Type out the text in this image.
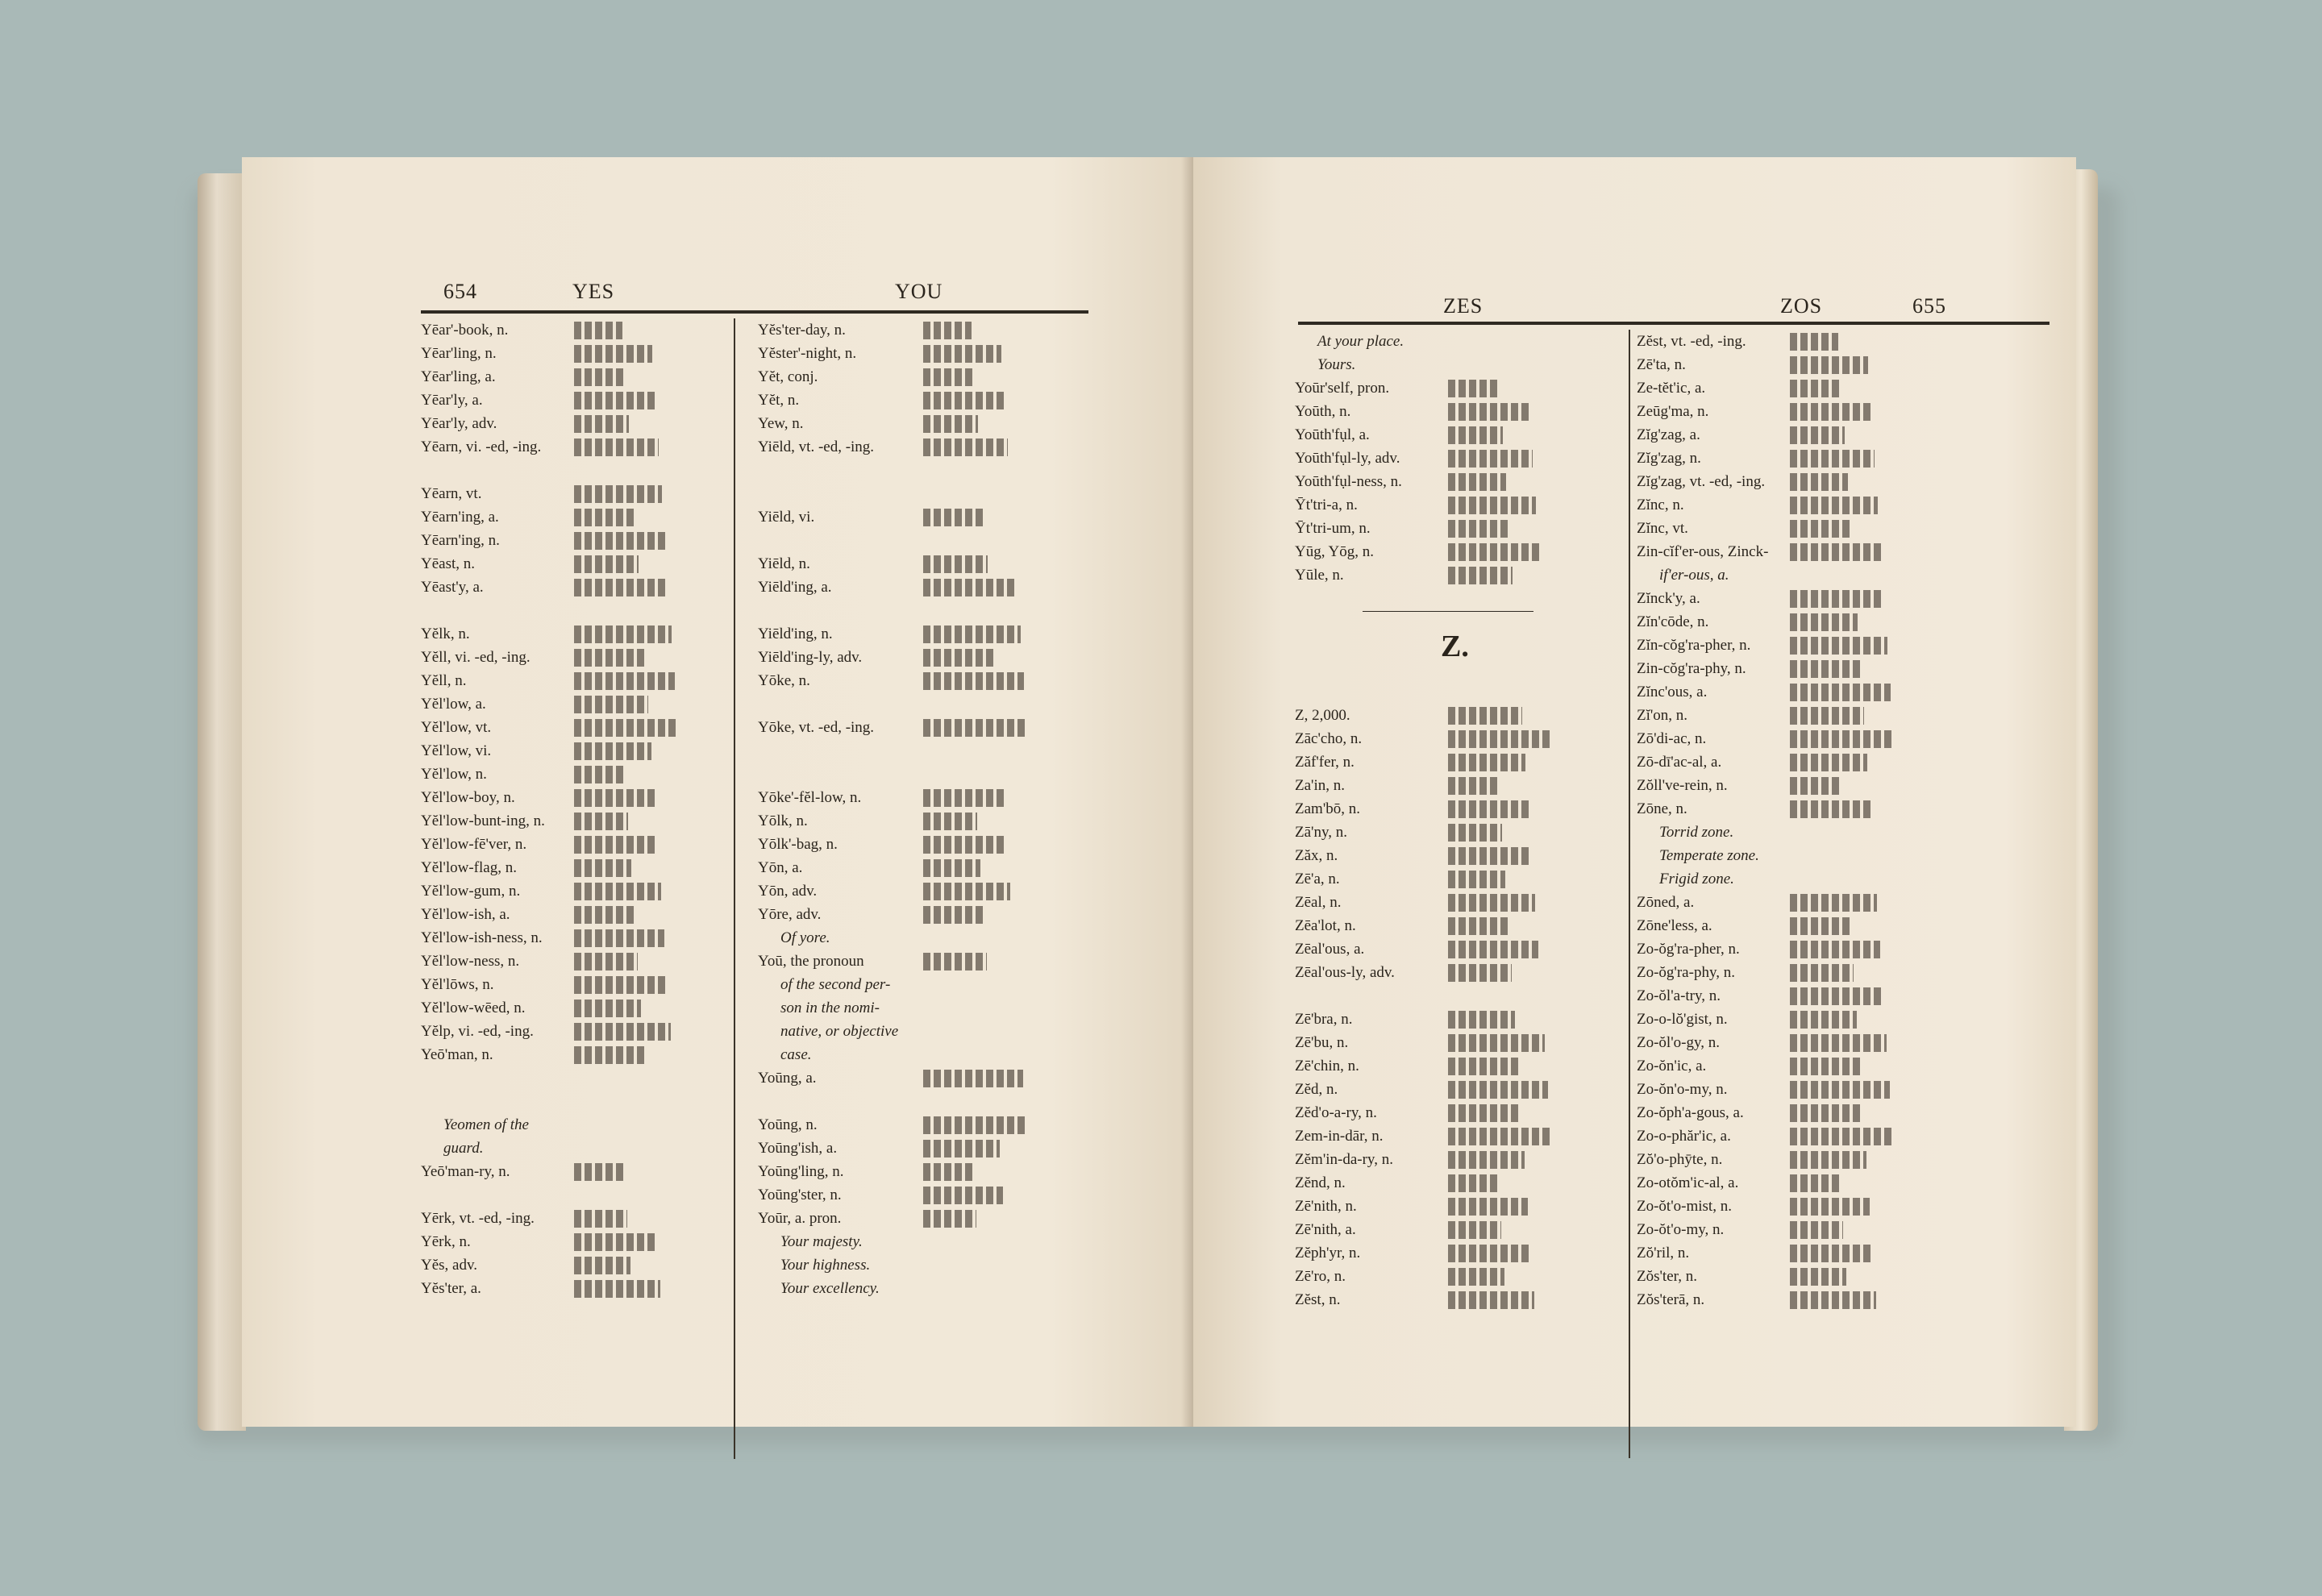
654	YES	YOU
Yēar'-book, n.
Yēar'ling, n.
Yēar'ling, a.
Yēar'ly, a.
Yēar'ly, adv.
Yēarn, vi. -ed, -ing.
Yēarn, vt.
Yēarn'ing, a.
Yēarn'ing, n.
Yēast, n.
Yēast'y, a.
Yĕlk, n.
Yĕll, vi. -ed, -ing.
Yĕll, n.
Yĕl'low, a.
Yĕl'low, vt.
Yĕl'low, vi.
Yĕl'low, n.
Yĕl'low-boy, n.
Yĕl'low-bunt-ing, n.
Yĕl'low-fē'ver, n.
Yĕl'low-flag, n.
Yĕl'low-gum, n.
Yĕl'low-ish, a.
Yĕl'low-ish-ness, n.
Yĕl'low-ness, n.
Yĕl'lōws, n.
Yĕl'low-wēed, n.
Yĕlp, vi. -ed, -ing.
Yeō'man, n.
Yeomen of the
guard.
Yeō'man-ry, n.
Yērk, vt. -ed, -ing.
Yērk, n.
Yĕs, adv.
Yĕs'ter, a.
Yĕs'ter-day, n.
Yĕster'-night, n.
Yĕt, conj.
Yĕt, n.
Yew, n.
Yiēld, vt. -ed, -ing.
Yiēld, vi.
Yiēld, n.
Yiēld'ing, a.
Yiēld'ing, n.
Yiēld'ing-ly, adv.
Yōke, n.
Yōke, vt. -ed, -ing.
Yōke'-fĕl-low, n.
Yōlk, n.
Yōlk'-bag, n.
Yōn, a.
Yōn, adv.
Yōre, adv.
Of yore.
Yoū, the pronoun
of the second per-
son in the nomi-
native, or objective
case.
Yoūng, a.
Yoūng, n.
Yoūng'ish, a.
Yoūng'ling, n.
Yoūng'ster, n.
Yoūr, a. pron.
Your majesty.
Your highness.
Your excellency.
ZES	ZOS	655
Z.
At your place.
Yours.
Yoūr'self, pron.
Yoūth, n.
Yoūth'fụl, a.
Yoūth'fụl-ly, adv.
Yoūth'fụl-ness, n.
Ȳt'tri-a, n.
Ȳt'tri-um, n.
Yūg, Yōg, n.
Yūle, n.
Z, 2,000.
Zāc'cho, n.
Zăf'fer, n.
Za'in, n.
Zam'bō, n.
Zā'ny, n.
Zăx, n.
Zē'a, n.
Zēal, n.
Zēa'lot, n.
Zēal'ous, a.
Zēal'ous-ly, adv.
Zē'bra, n.
Zē'bu, n.
Zē'chin, n.
Zĕd, n.
Zĕd'o-a-ry, n.
Zem-in-dār, n.
Zĕm'in-da-ry, n.
Zĕnd, n.
Zē'nith, n.
Zē'nith, a.
Zĕph'yr, n.
Zē'ro, n.
Zĕst, n.
Zĕst, vt. -ed, -ing.
Zē'ta, n.
Ze-tĕt'ic, a.
Zeūg'ma, n.
Zĭg'zag, a.
Zĭg'zag, n.
Zĭg'zag, vt. -ed, -ing.
Zĭnc, n.
Zĭnc, vt.
Zin-cĭf'er-ous, Zinck-
if'er-ous, a.
Zĭnck'y, a.
Zĭn'cōde, n.
Zĭn-cŏg'ra-pher, n.
Zin-cŏg'ra-phy, n.
Zĭnc'ous, a.
Zĭ'on, n.
Zō'di-ac, n.
Zō-dī'ac-al, a.
Zŏll've-rein, n.
Zōne, n.
Torrid zone.
Temperate zone.
Frigid zone.
Zōned, a.
Zōne'less, a.
Zo-ŏg'ra-pher, n.
Zo-ŏg'ra-phy, n.
Zo-ŏl'a-try, n.
Zo-o-lŏ'gist, n.
Zo-ŏl'o-gy, n.
Zo-ŏn'ic, a.
Zo-ŏn'o-my, n.
Zo-ŏph'a-gous, a.
Zo-o-phăr'ic, a.
Zŏ'o-phȳte, n.
Zo-otŏm'ic-al, a.
Zo-ŏt'o-mist, n.
Zo-ŏt'o-my, n.
Zŏ'ril, n.
Zŏs'ter, n.
Zŏs'terā, n.
